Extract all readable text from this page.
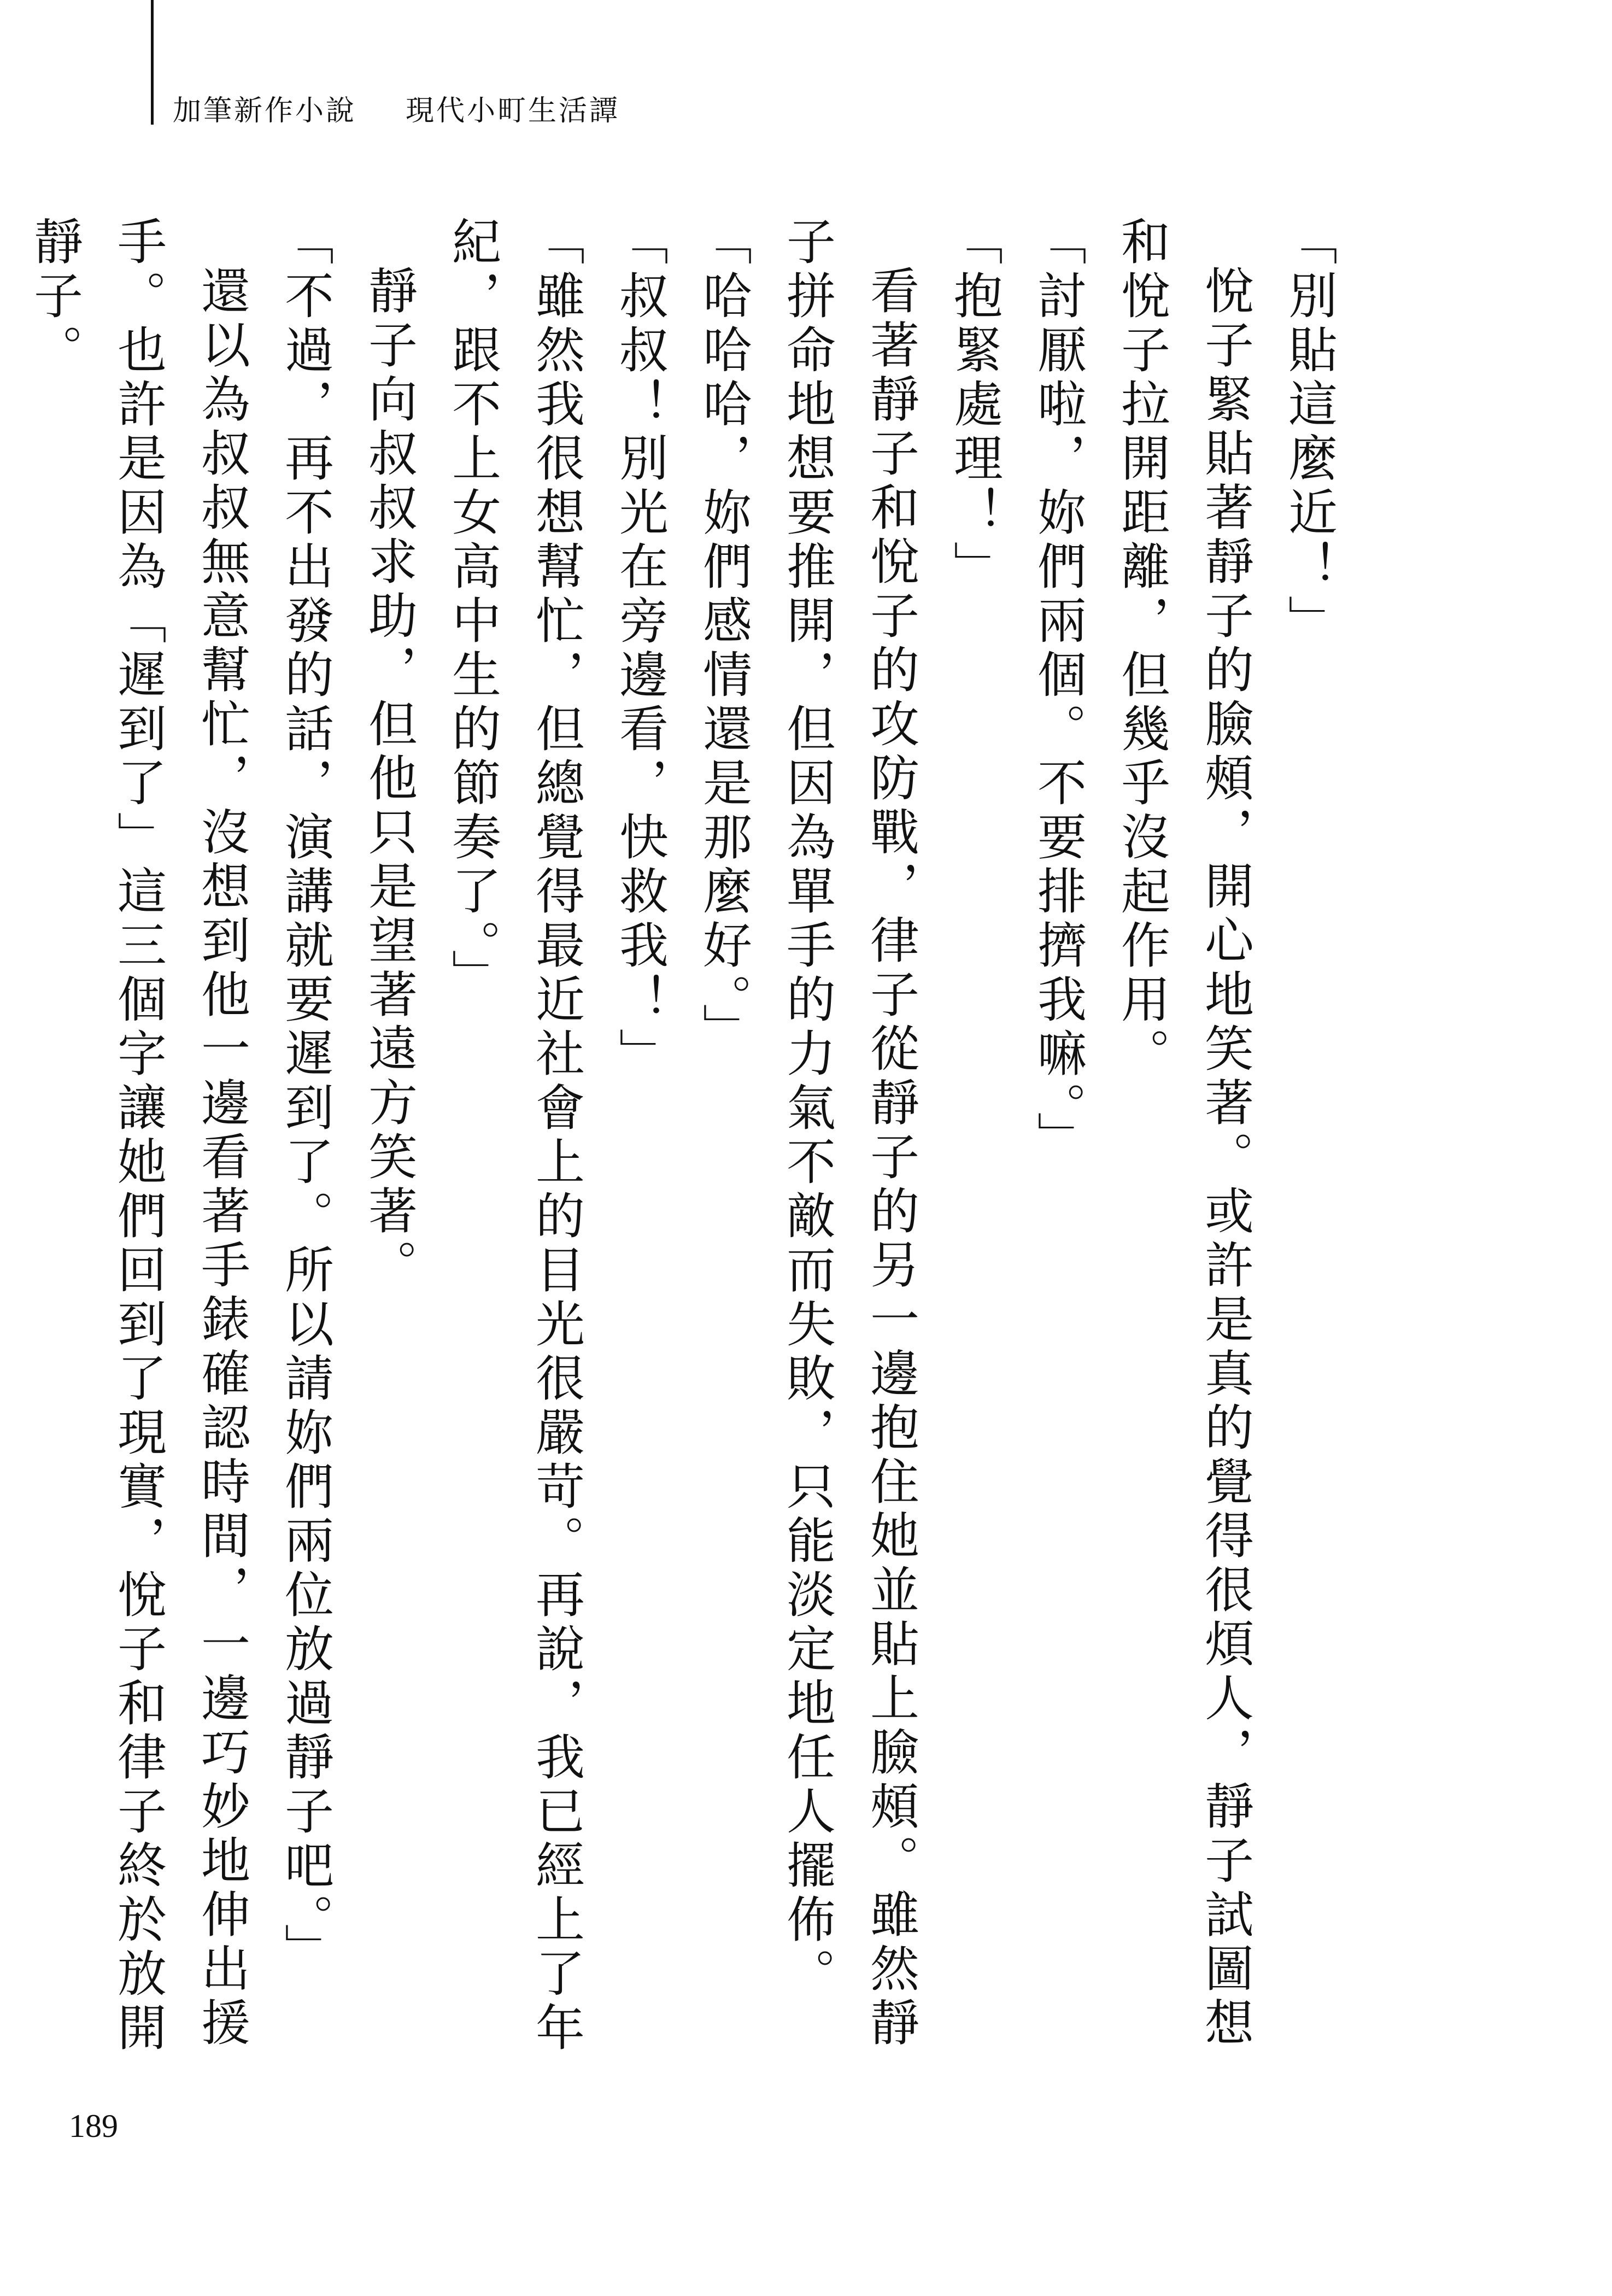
加筆新作小說 現代小町生活譚

「別貼這麼近！」

悅子緊貼著靜子的臉頰，開心地笑著。或許是真的覺得很煩人，靜子試圖想和悅子拉開距離，但幾乎沒起作用。

「討厭啦，妳們兩個。不要排擠我嘛。」

「抱緊處理！」

看著靜子和悅子的攻防戰，律子從靜子的另一邊抱住她並貼上臉頰。雖然靜子拼命地想要推開，但因為單手的力氣不敵而失敗，只能淡定地任人擺佈。

「哈哈哈，妳們感情還是那麼好。」

「叔叔！別光在旁邊看，快救我！」

「雖然我很想幫忙，但總覺得最近社會上的目光很嚴苛。再說，我已經上了年紀，跟不上女高中生的節奏了。」

靜子向叔叔求助，但他只是望著遠方笑著。

「不過，再不出發的話，演講就要遲到了。所以請妳們兩位放過靜子吧。」

還以為叔叔無意幫忙，沒想到他一邊看著手錶確認時間，一邊巧妙地伸出援手。也許是因為「遲到了」這三個字讓她們回到了現實，悅子和律子終於放開靜子。

189
